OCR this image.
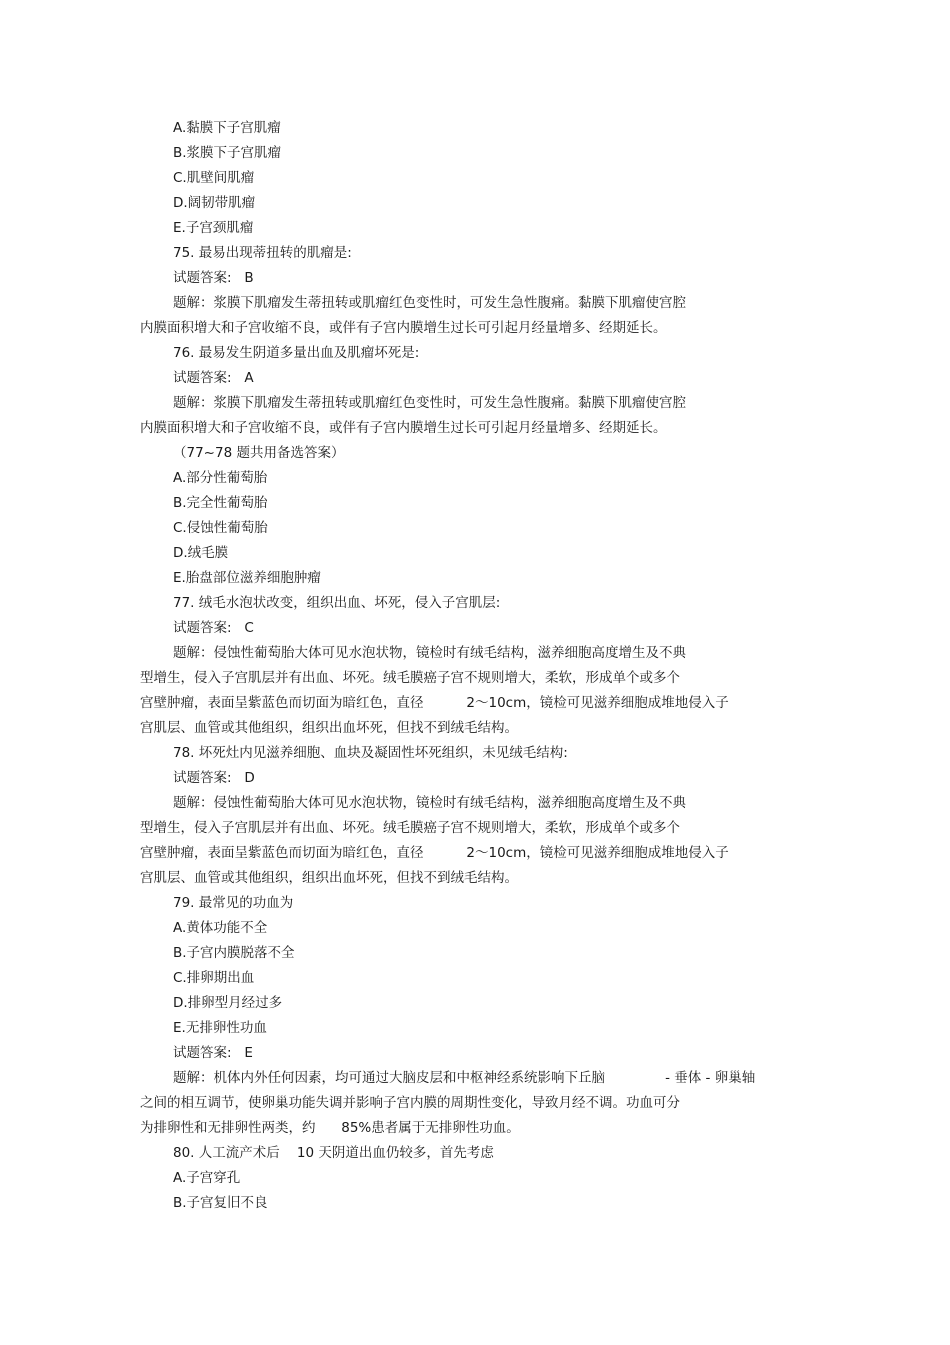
A.黏膜下子宫肌瘤
B.浆膜下子宫肌瘤
C.肌壁间肌瘤
D.阔韧带肌瘤
E.子宫颈肌瘤
75. 最易出现蒂扭转的肌瘤是:
试题答案:   B
题解：浆膜下肌瘤发生蒂扭转或肌瘤红色变性时，可发生急性腹痛。黏膜下肌瘤使宫腔
内膜面积增大和子宫收缩不良，或伴有子宫内膜增生过长可引起月经量增多、经期延长。
76. 最易发生阴道多量出血及肌瘤坏死是:
试题答案:   A
题解：浆膜下肌瘤发生蒂扭转或肌瘤红色变性时，可发生急性腹痛。黏膜下肌瘤使宫腔
内膜面积增大和子宫收缩不良，或伴有子宫内膜增生过长可引起月经量增多、经期延长。
（77~78 题共用备选答案）
A.部分性葡萄胎
B.完全性葡萄胎
C.侵蚀性葡萄胎
D.绒毛膜
E.胎盘部位滋养细胞肿瘤
77. 绒毛水泡状改变，组织出血、坏死，侵入子宫肌层:
试题答案:   C
题解：侵蚀性葡萄胎大体可见水泡状物，镜检时有绒毛结构，滋养细胞高度增生及不典
型增生，侵入子宫肌层并有出血、坏死。绒毛膜癌子宫不规则增大，柔软，形成单个或多个
宫壁肿瘤，表面呈紫蓝色而切面为暗红色，直径          2～10cm，镜检可见滋养细胞成堆地侵入子
宫肌层、血管或其他组织，组织出血坏死，但找不到绒毛结构。
78. 坏死灶内见滋养细胞、血块及凝固性坏死组织，未见绒毛结构:
试题答案:   D
题解：侵蚀性葡萄胎大体可见水泡状物，镜检时有绒毛结构，滋养细胞高度增生及不典
型增生，侵入子宫肌层并有出血、坏死。绒毛膜癌子宫不规则增大，柔软，形成单个或多个
宫壁肿瘤，表面呈紫蓝色而切面为暗红色，直径          2～10cm，镜检可见滋养细胞成堆地侵入子
宫肌层、血管或其他组织，组织出血坏死，但找不到绒毛结构。
79. 最常见的功血为
A.黄体功能不全
B.子宫内膜脱落不全
C.排卵期出血
D.排卵型月经过多
E.无排卵性功血
试题答案:   E
题解：机体内外任何因素，均可通过大脑皮层和中枢神经系统影响下丘脑              - 垂体 - 卵巢轴
之间的相互调节，使卵巢功能失调并影响子宫内膜的周期性变化，导致月经不调。功血可分
为排卵性和无排卵性两类，约      85%患者属于无排卵性功血。
80. 人工流产术后    10 天阴道出血仍较多，首先考虑
A.子宫穿孔
B.子宫复旧不良
